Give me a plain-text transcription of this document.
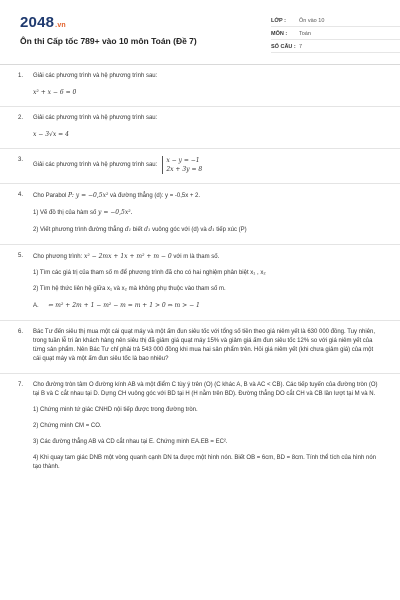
2048.vn
Ôn thi Cấp tốc 789+ vào 10 môn Toán (Đề 7)
LỚP :	Ôn vào 10
MÔN :	Toán
SỐ CÂU : 7
1.	Giải các phương trình và hệ phương trình sau:
x² + x − 6 = 0
2.	Giải các phương trình và hệ phương trình sau:
x − 3√x = 4
3.
Giải các phương trình và hệ phương trình sau:
x − y = −1
2x + 3y = 8
4.	Cho Parabol P: y = −0,5x² và đường thẳng (d): y = -0,5x + 2.
1) Vẽ đồ thị của hàm số y = −0,5x².
2) Viết phương trình đường thẳng d₁ biết d₁ vuông góc với (d) và d₁ tiếp xúc (P)
5.	Cho phương trình: x² − 2mx + 1x + m² + m − 0 với m là tham số.
1) Tìm các giá trị của tham số m để phương trình đã cho có hai nghiệm phân biệt x₁ , x₂
2) Tìm hệ thức liên hệ giữa x₁ và x₂ mà không phụ thuộc vào tham số m.
A. ⇐ m² + 2m + 1 − m² − m = m + 1 > 0 ⇔ m > − 1
6.	Bác Tư đến siêu thị mua một cái quạt máy và một ấm đun siêu tốc với tổng số tiền theo giá niêm yết là 630 000 đồng. Tuy nhiên, trong tuần lễ tri ân khách hàng nên siêu thị đã giảm giá quạt máy 15% và giảm giá ấm đun siêu tốc 12% so với giá niêm yết của từng sản phẩm. Nên Bác Tư chỉ phải trả 543 000 đồng khi mua hai sản phẩm trên. Hỏi giá niêm yết (khi chưa giảm giá) của một cái quạt máy và một ấm đun siêu tốc là bao nhiêu?
7.	Cho đường tròn tâm O đường kính AB và một điểm C tùy ý trên (O) (C khác A, B và AC < CB). Các tiếp tuyến của đường tròn (O) tại B và C cắt nhau tại D. Dựng CH vuông góc với BD tại H (H nằm trên BD). Đường thẳng DO cắt CH và CB lần lượt tại M và N.
1) Chứng minh tứ giác CNHD nội tiếp được trong đường tròn.
2) Chứng minh CM = CO.
3) Các đường thẳng AB và CD cắt nhau tại E. Chứng minh EA.EB = EC².
4) Khi quay tam giác DNB một vòng quanh cạnh DN ta được một hình nón. Biết OB = 6cm, BD = 8cm. Tính thể tích của hình nón tạo thành.
